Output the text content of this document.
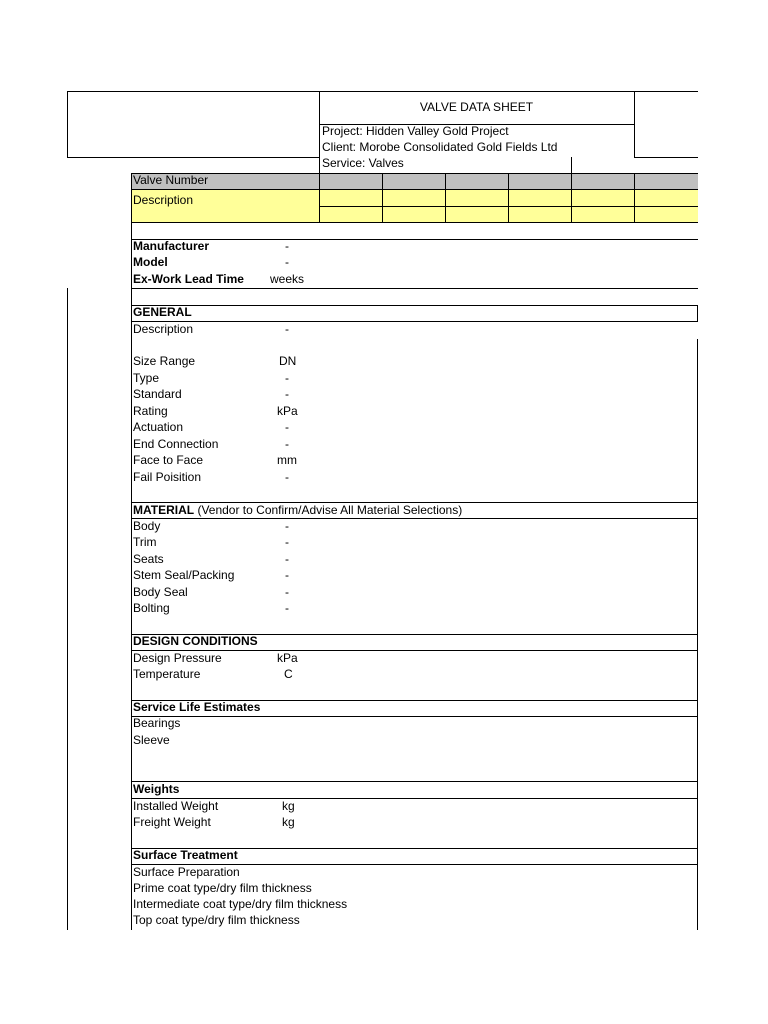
VALVE DATA SHEET
Project: Hidden Valley Gold Project
Client: Morobe Consolidated Gold Fields Ltd
Service: Valves
Valve Number
Description
Manufacturer	-
Model	-
Ex-Work Lead Time weeks
GENERAL
Description	-
Size Range	DN
Type	-
Standard	-
Rating	kPa
Actuation	-
End Connection	-
Face to Face	mm
Fail Poisition	-
MATERIAL (Vendor to Confirm/Advise All Material Selections)
Body	-
Trim	-
Seats	-
Stem Seal/Packing	-
Body Seal	-
Bolting	-
DESIGN CONDITIONS
Design Pressure	kPa
Temperature	C
Service Life Estimates
Bearings
Sleeve
Weights
Installed Weight	kg
Freight Weight	kg
Surface Treatment
Surface Preparation
Prime coat type/dry film thickness
Intermediate coat type/dry film thickness
Top coat type/dry film thickness
